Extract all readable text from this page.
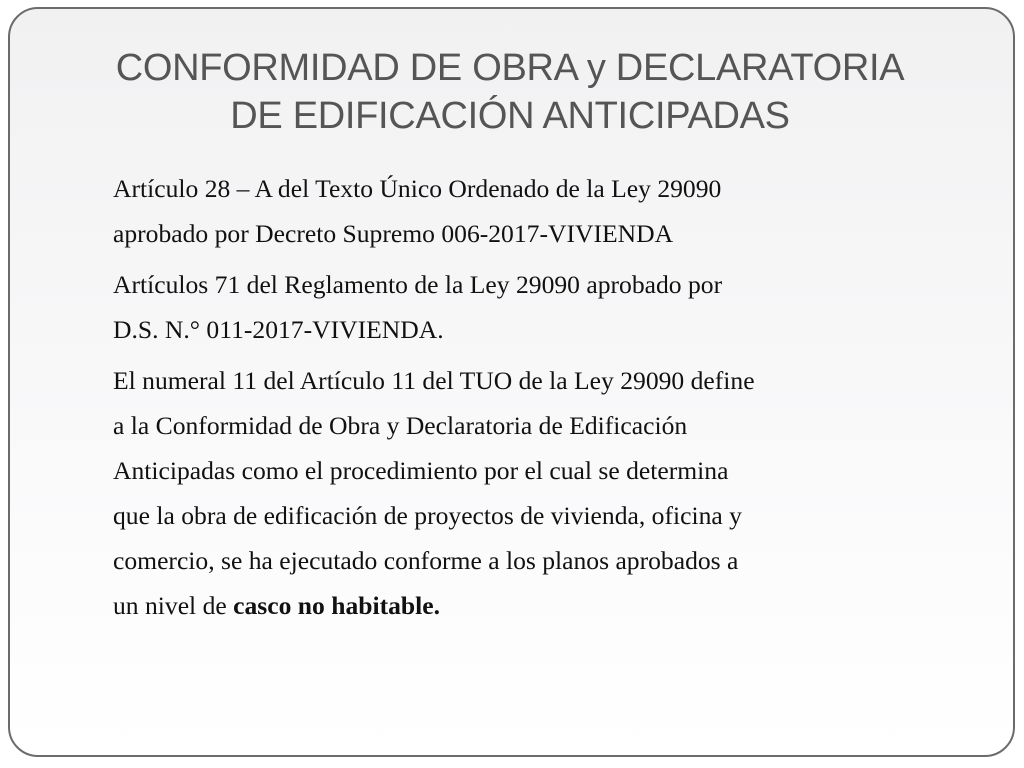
CONFORMIDAD DE OBRA y DECLARATORIA
DE EDIFICACIÓN ANTICIPADAS

Artículo 28 – A del Texto Único Ordenado de la Ley 29090
aprobado por Decreto Supremo 006-2017-VIVIENDA

Artículos 71 del Reglamento de la Ley 29090 aprobado por
D.S. N.° 011-2017-VIVIENDA.

El numeral 11 del Artículo 11 del TUO de la Ley 29090 define
a la Conformidad de Obra y Declaratoria de Edificación
Anticipadas como el procedimiento por el cual se determina
que la obra de edificación de proyectos de vivienda, oficina y
comercio, se ha ejecutado conforme a los planos aprobados a
un nivel de casco no habitable.
